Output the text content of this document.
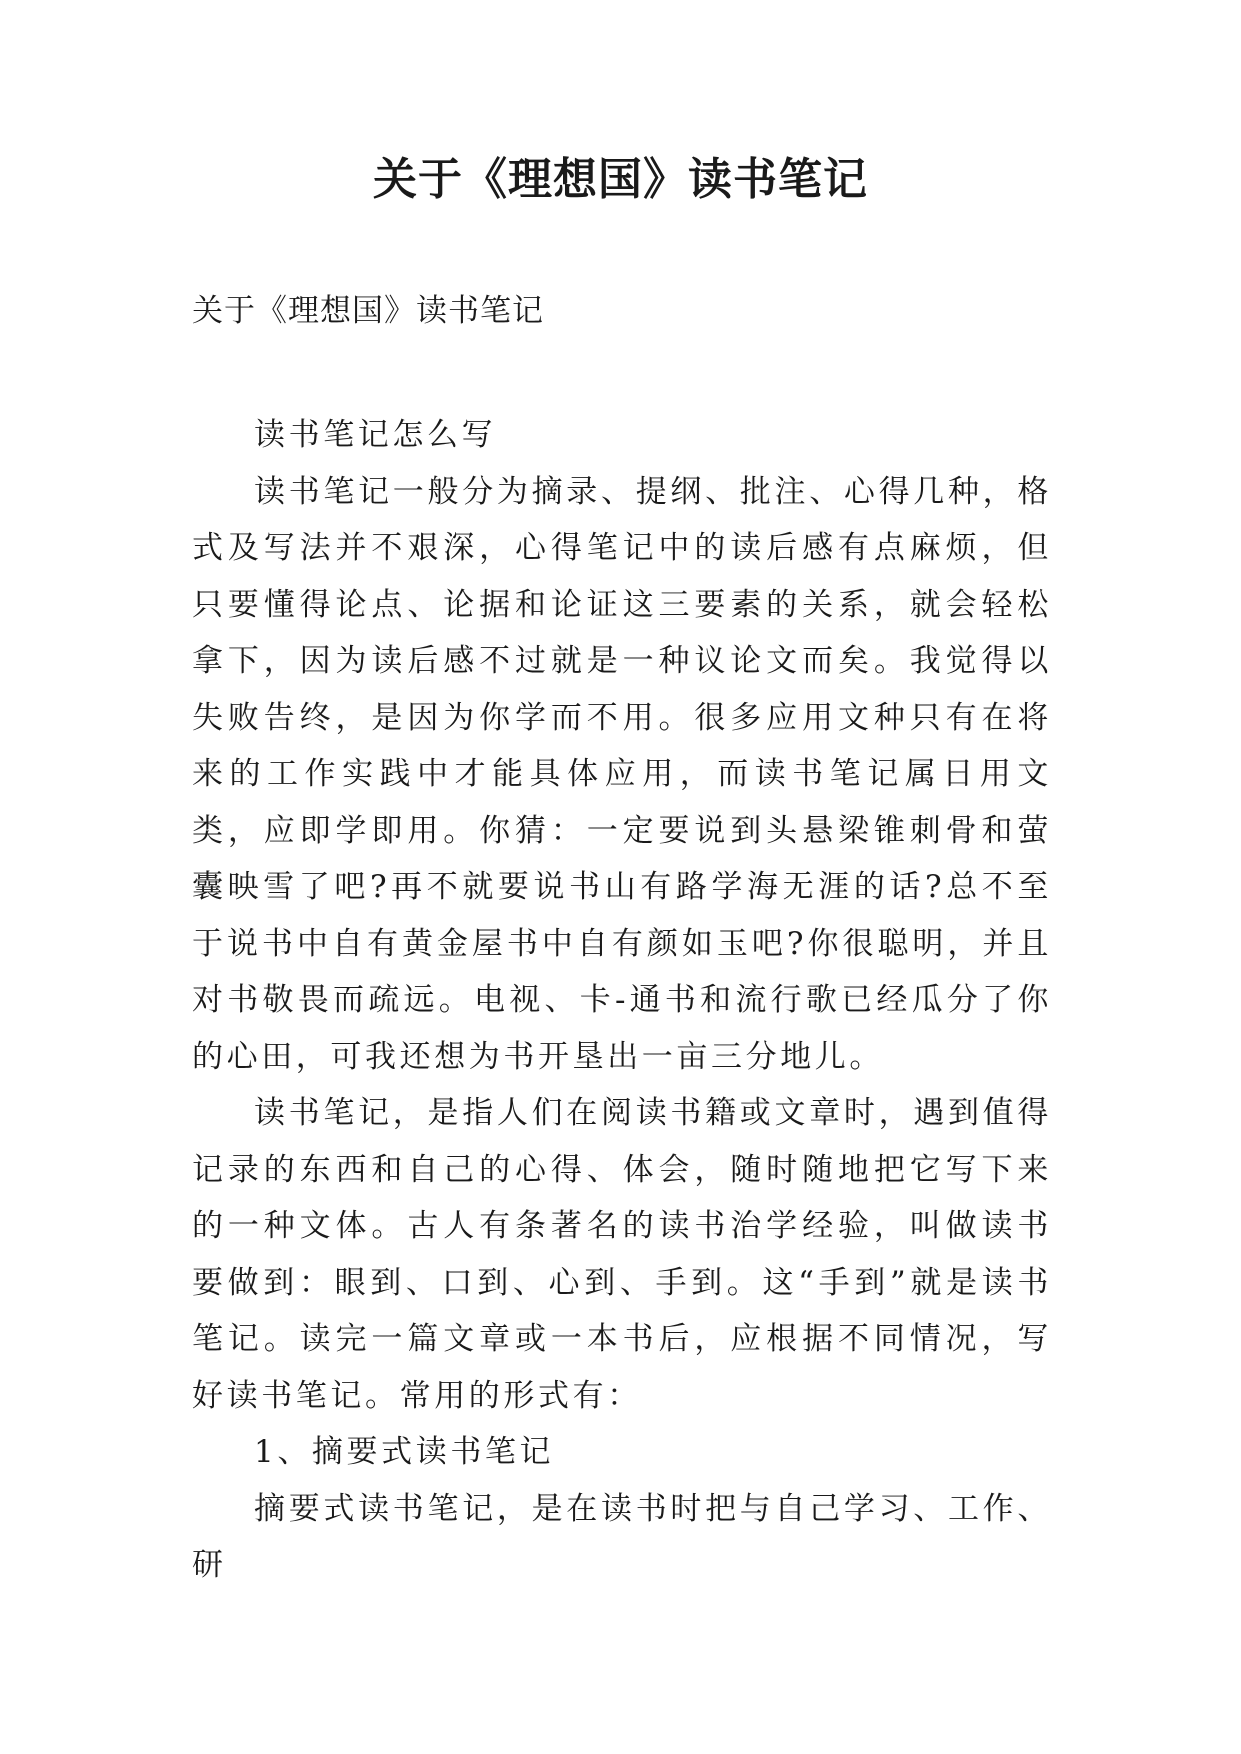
关于《理想国》读书笔记

关于《理想国》读书笔记

读书笔记怎么写

读书笔记一般分为摘录、提纲、批注、心得几种，格式及写法并不艰深，心得笔记中的读后感有点麻烦，但只要懂得论点、论据和论证这三要素的关系，就会轻松拿下，因为读后感不过就是一种议论文而矣。我觉得以失败告终，是因为你学而不用。很多应用文种只有在将来的工作实践中才能具体应用，而读书笔记属日用文类，应即学即用。你猜：一定要说到头悬梁锥刺骨和萤囊映雪了吧?再不就要说书山有路学海无涯的话?总不至于说书中自有黄金屋书中自有颜如玉吧?你很聪明，并且对书敬畏而疏远。电视、卡-通书和流行歌已经瓜分了你的心田，可我还想为书开垦出一亩三分地儿。

读书笔记，是指人们在阅读书籍或文章时，遇到值得记录的东西和自己的心得、体会，随时随地把它写下来的一种文体。古人有条著名的读书治学经验，叫做读书要做到：眼到、口到、心到、手到。这“手到”就是读书笔记。读完一篇文章或一本书后，应根据不同情况，写好读书笔记。常用的形式有：

1、摘要式读书笔记

摘要式读书笔记，是在读书时把与自己学习、工作、研
